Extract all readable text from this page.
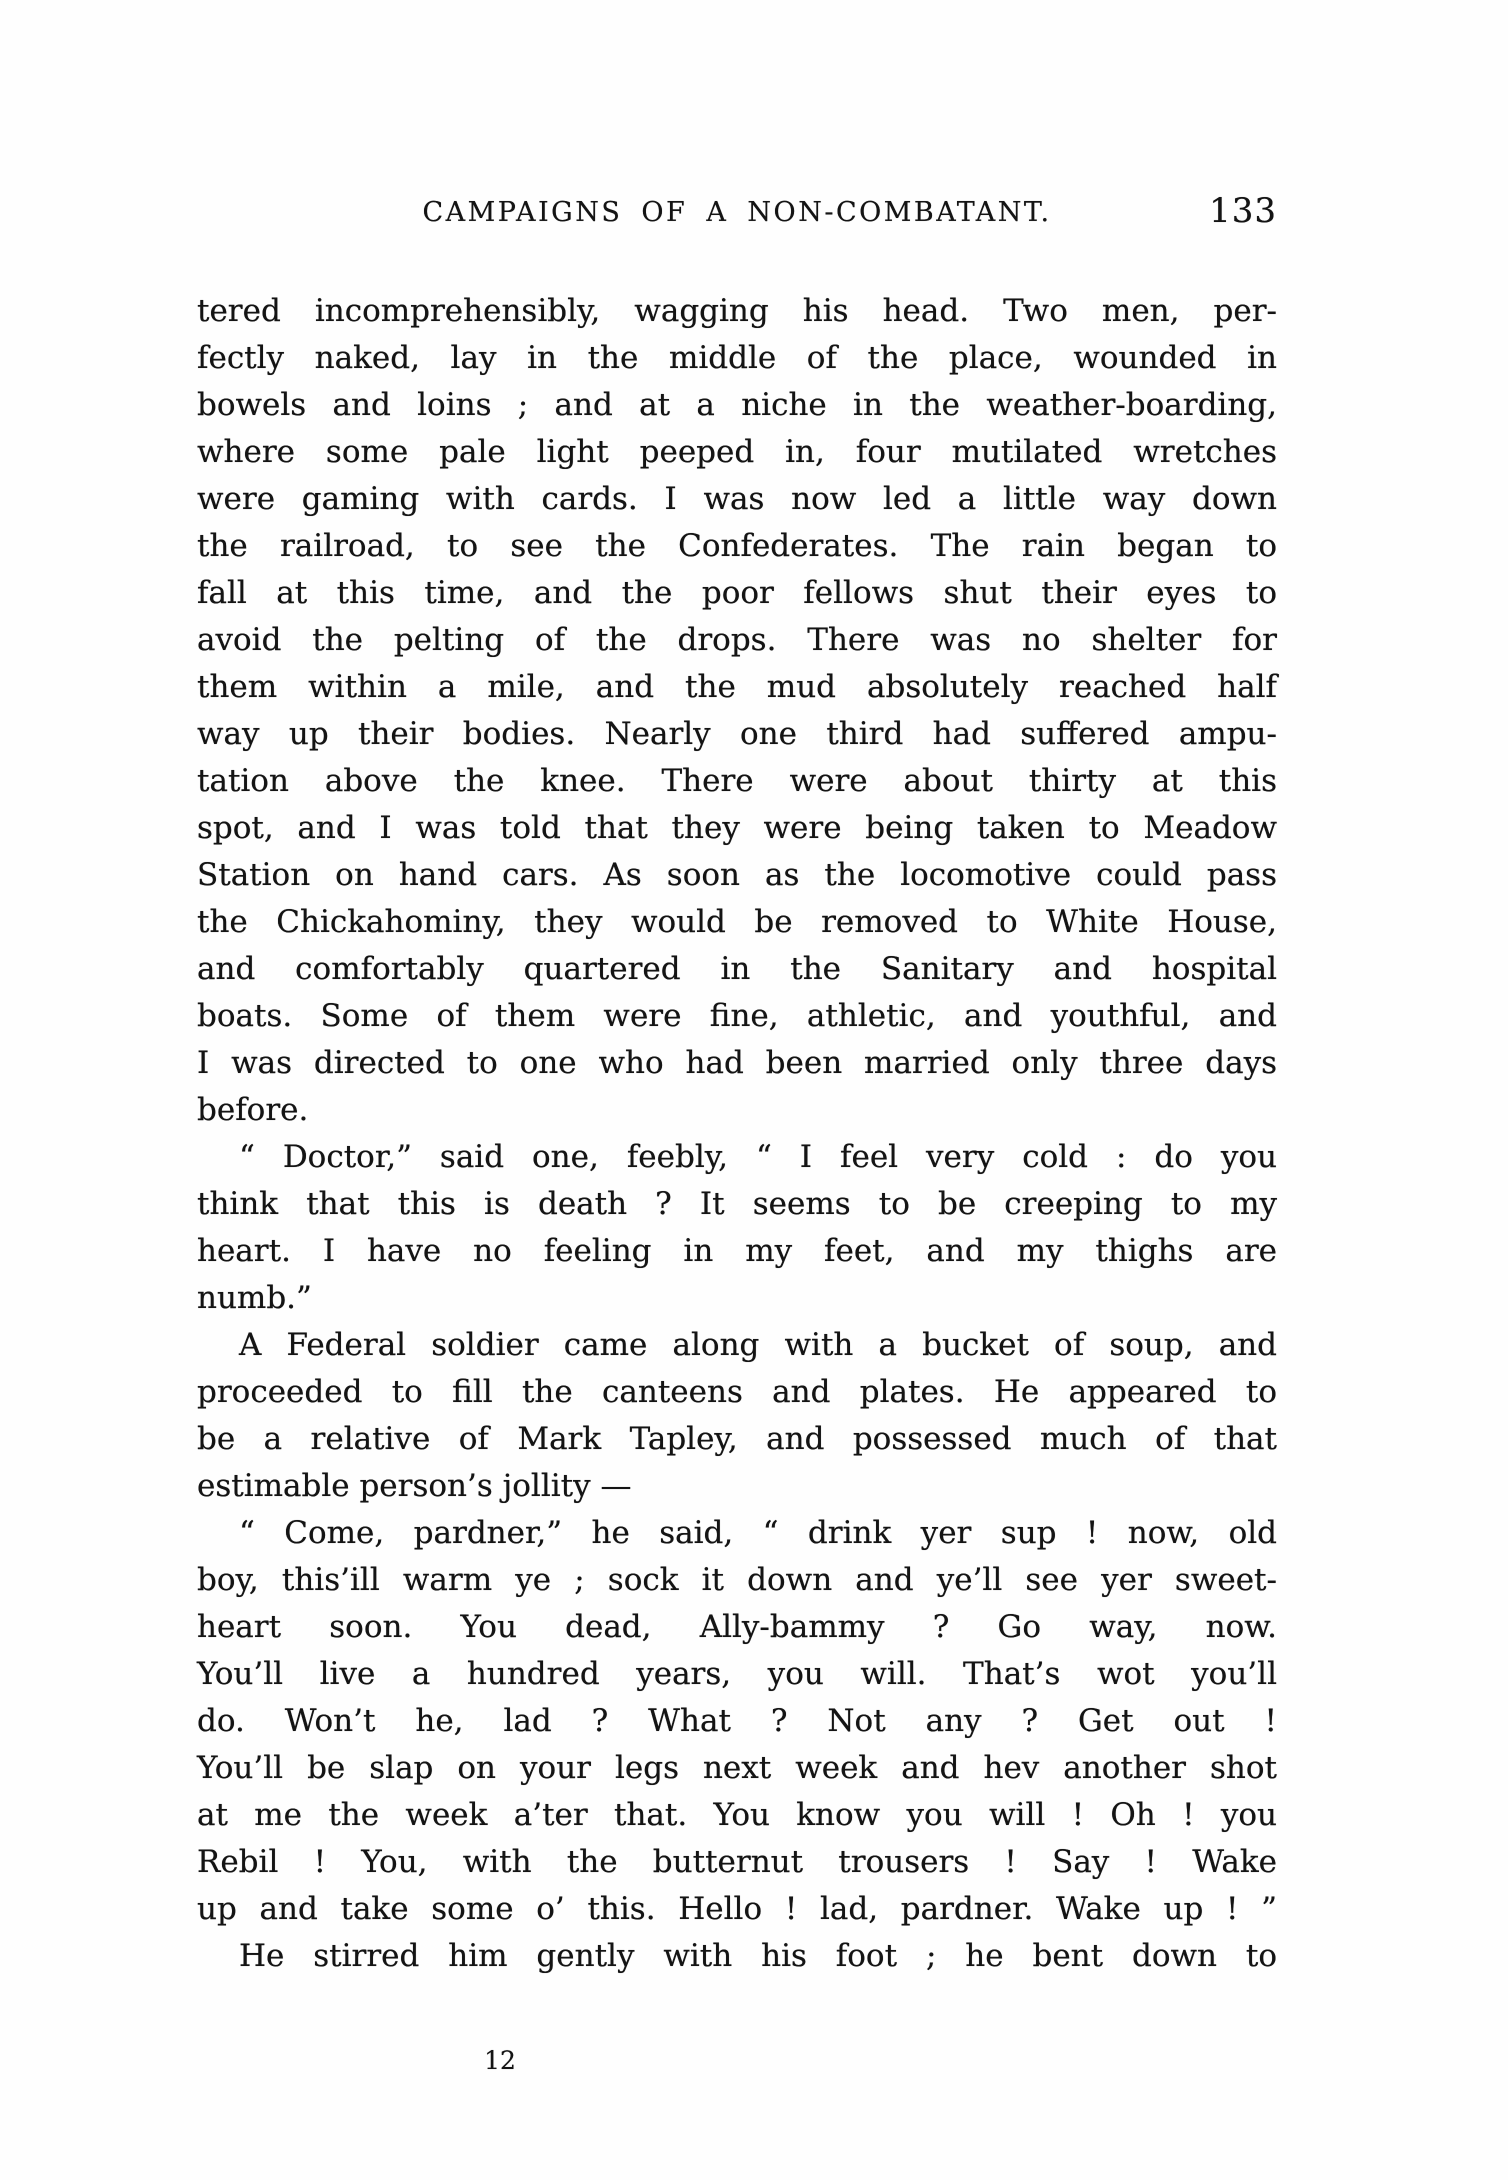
CAMPAIGNS OF A NON-COMBATANT.	133
tered incomprehensibly, wagging his head. Two men, per-
fectly naked, lay in the middle of the place, wounded in
bowels and loins ; and at a niche in the weather-boarding,
where some pale light peeped in, four mutilated wretches
were gaming with cards. I was now led a little way down
the railroad, to see the Confederates. The rain began to
fall at this time, and the poor fellows shut their eyes to
avoid the pelting of the drops. There was no shelter for
them within a mile, and the mud absolutely reached half
way up their bodies. Nearly one third had suffered ampu-
tation above the knee. There were about thirty at this
spot, and I was told that they were being taken to Meadow
Station on hand cars. As soon as the locomotive could pass
the Chickahominy, they would be removed to White House,
and comfortably quartered in the Sanitary and hospital
boats. Some of them were fine, athletic, and youthful, and
I was directed to one who had been married only three days
before.
“ Doctor,” said one, feebly, “ I feel very cold : do you
think that this is death ? It seems to be creeping to my
heart. I have no feeling in my feet, and my thighs are
numb.”
A Federal soldier came along with a bucket of soup, and
proceeded to fill the canteens and plates. He appeared to
be a relative of Mark Tapley, and possessed much of that
estimable person’s jollity —
“ Come, pardner,” he said, “ drink yer sup ! now, old
boy, this’ill warm ye ; sock it down and ye’ll see yer sweet-
heart soon. You dead, Ally-bammy ? Go way, now.
You’ll live a hundred years, you will. That’s wot you’ll
do. Won’t he, lad ? What ? Not any ? Get out !
You’ll be slap on your legs next week and hev another shot
at me the week a’ter that. You know you will ! Oh ! you
Rebil ! You, with the butternut trousers ! Say ! Wake
up and take some o’ this. Hello ! lad, pardner. Wake up ! ”
He stirred him gently with his foot ; he bent down to
12
